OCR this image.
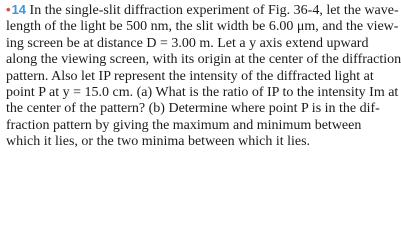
•14 In the single-slit diffraction experiment of Fig. 36-4, let the wave-
length of the light be 500 nm, the slit width be 6.00 μm, and the view-
ing screen be at distance D = 3.00 m. Let a y axis extend upward
along the viewing screen, with its origin at the center of the diffraction
pattern. Also let IP represent the intensity of the diffracted light at
point P at y = 15.0 cm. (a) What is the ratio of IP to the intensity Im at
the center of the pattern? (b) Determine where point P is in the dif-
fraction pattern by giving the maximum and minimum between
which it lies, or the two minima between which it lies.
